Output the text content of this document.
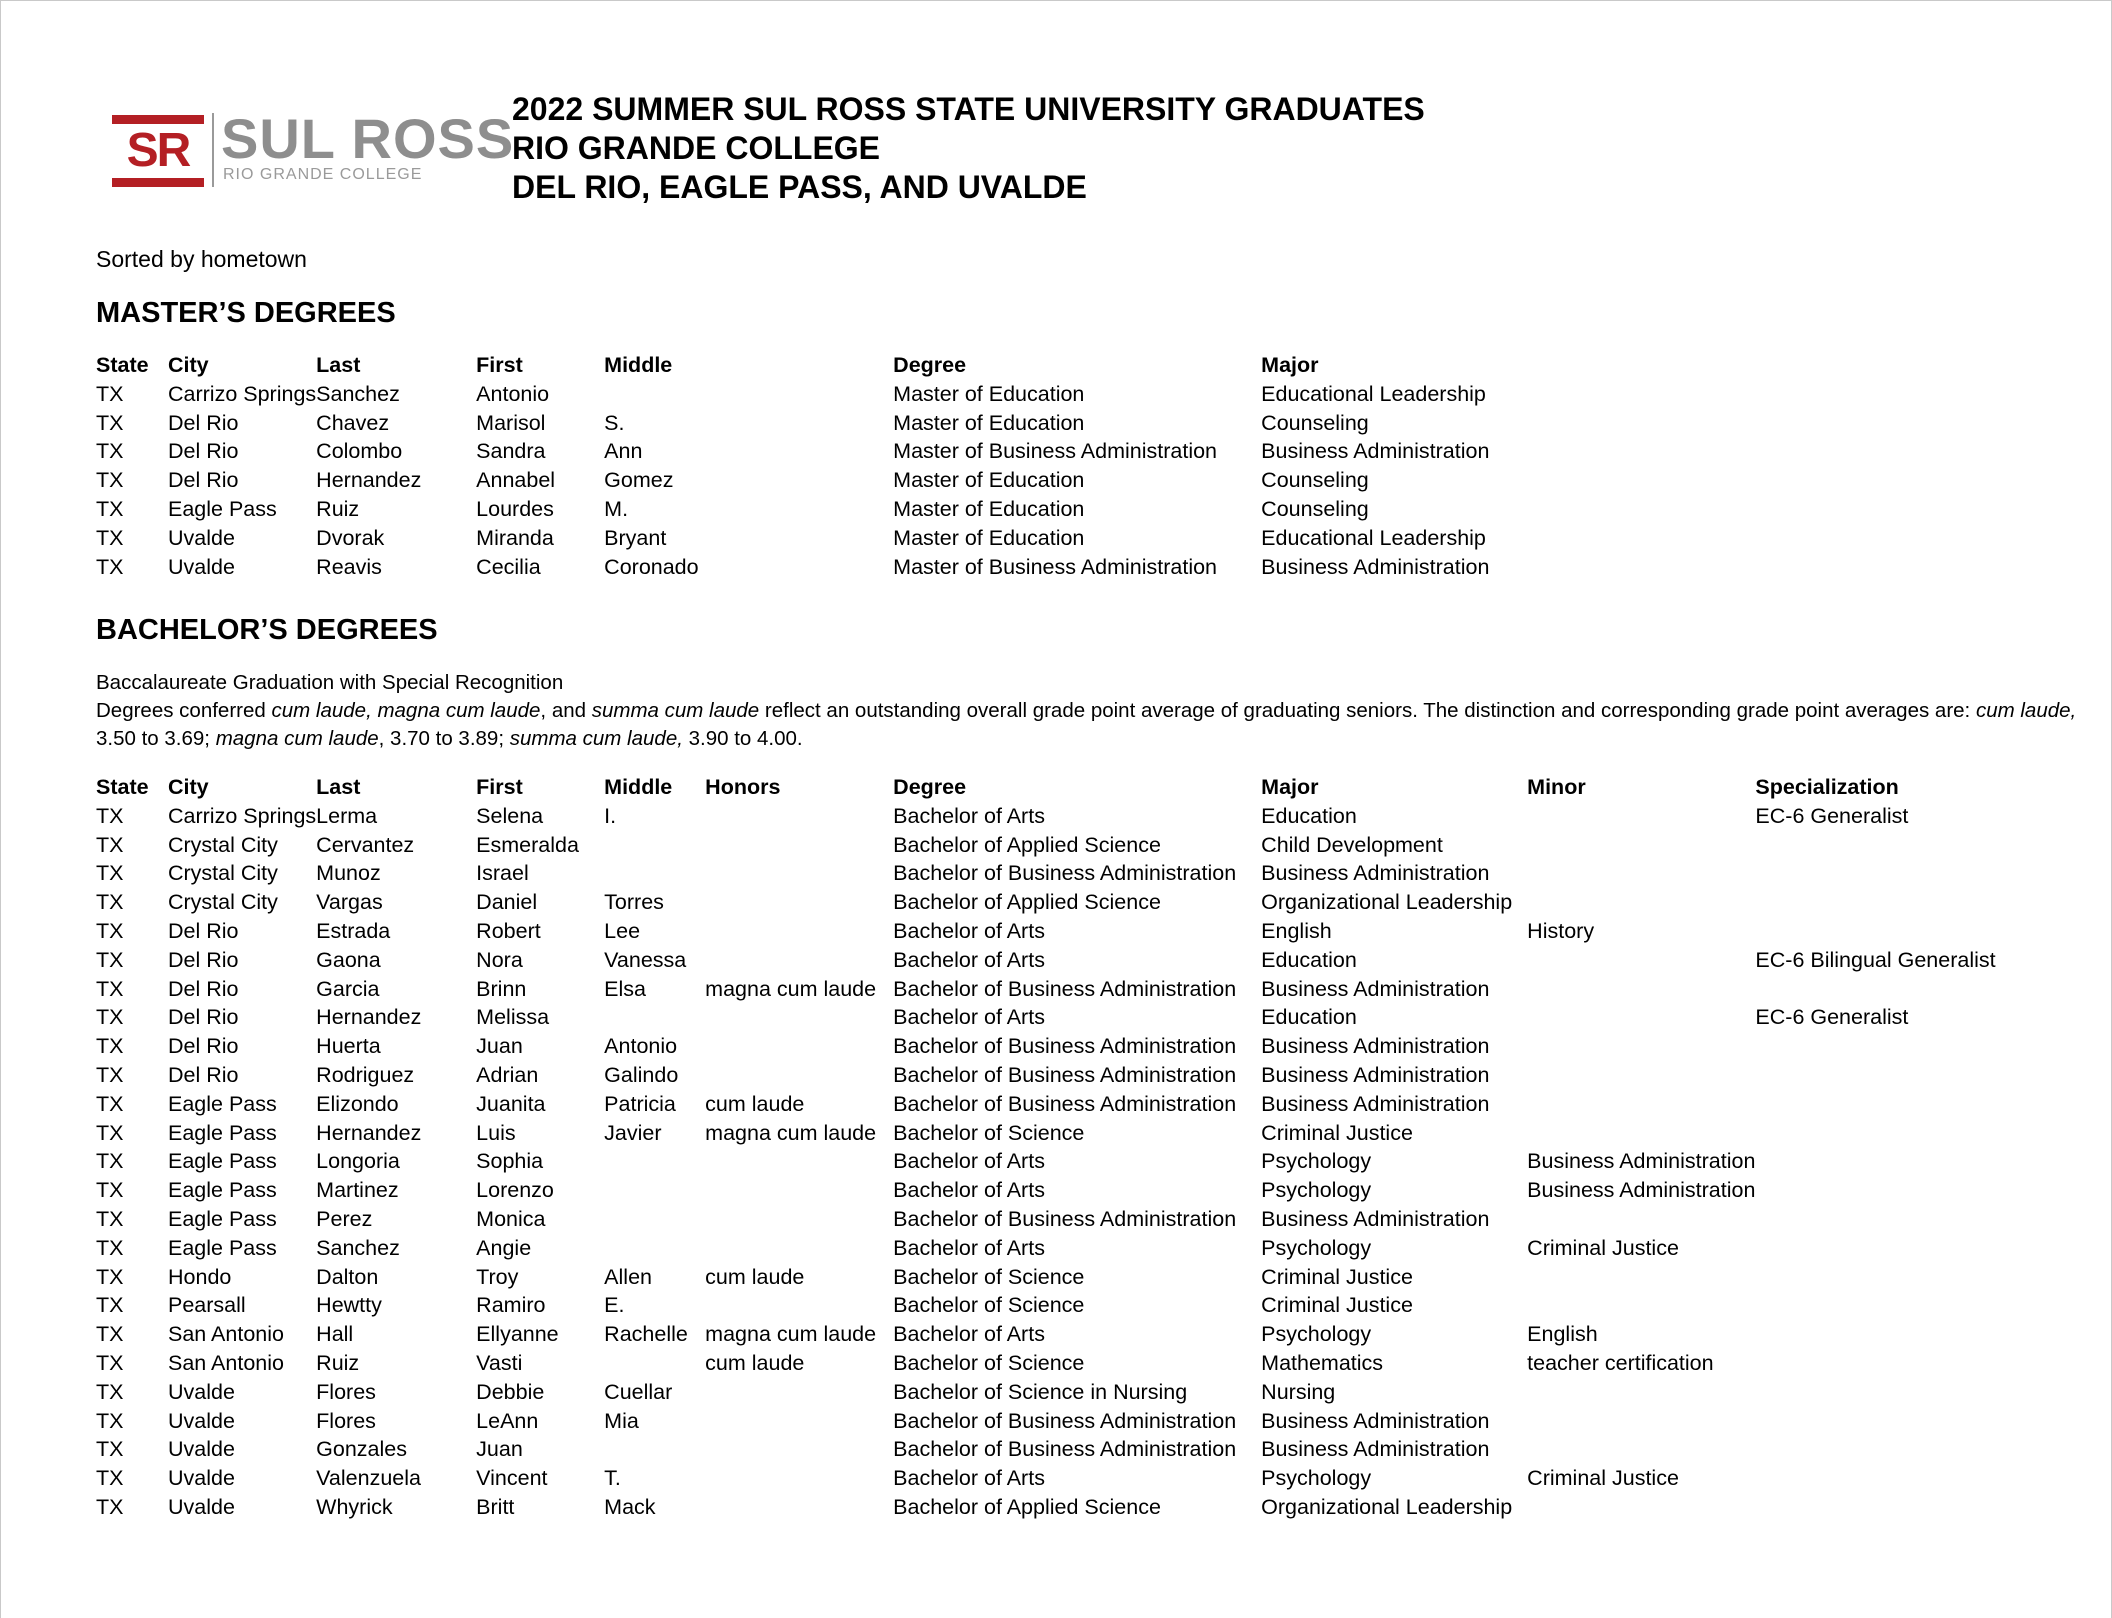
SR SUL ROSS
RIO GRANDE COLLEGE
2022 SUMMER SUL ROSS STATE UNIVERSITY GRADUATES
RIO GRANDE COLLEGE
DEL RIO, EAGLE PASS, AND UVALDE
Sorted by hometown
MASTER’S DEGREES
State	City	Last	First	Middle	Degree	Major
TX	Carrizo Springs	Sanchez	Antonio		Master of Education	Educational Leadership
TX	Del Rio	Chavez	Marisol	S.	Master of Education	Counseling
TX	Del Rio	Colombo	Sandra	Ann	Master of Business Administration	Business Administration
TX	Del Rio	Hernandez	Annabel	Gomez	Master of Education	Counseling
TX	Eagle Pass	Ruiz	Lourdes	M.	Master of Education	Counseling
TX	Uvalde	Dvorak	Miranda	Bryant	Master of Education	Educational Leadership
TX	Uvalde	Reavis	Cecilia	Coronado	Master of Business Administration	Business Administration
BACHELOR’S DEGREES
Baccalaureate Graduation with Special Recognition
Degrees conferred cum laude, magna cum laude, and summa cum laude reflect an outstanding overall grade point average of graduating seniors. The distinction and corresponding grade point averages are: cum laude,
3.50 to 3.69; magna cum laude, 3.70 to 3.89; summa cum laude, 3.90 to 4.00.
State	City	Last	First	Middle	Honors	Degree	Major	Minor	Specialization
TX	Carrizo Springs	Lerma	Selena	I.		Bachelor of Arts	Education		EC-6 Generalist
TX	Crystal City	Cervantez	Esmeralda			Bachelor of Applied Science	Child Development		
TX	Crystal City	Munoz	Israel			Bachelor of Business Administration	Business Administration		
TX	Crystal City	Vargas	Daniel	Torres		Bachelor of Applied Science	Organizational Leadership		
TX	Del Rio	Estrada	Robert	Lee		Bachelor of Arts	English	History	
TX	Del Rio	Gaona	Nora	Vanessa		Bachelor of Arts	Education		EC-6 Bilingual Generalist
TX	Del Rio	Garcia	Brinn	Elsa	magna cum laude	Bachelor of Business Administration	Business Administration		
TX	Del Rio	Hernandez	Melissa			Bachelor of Arts	Education		EC-6 Generalist
TX	Del Rio	Huerta	Juan	Antonio		Bachelor of Business Administration	Business Administration		
TX	Del Rio	Rodriguez	Adrian	Galindo		Bachelor of Business Administration	Business Administration		
TX	Eagle Pass	Elizondo	Juanita	Patricia	cum laude	Bachelor of Business Administration	Business Administration		
TX	Eagle Pass	Hernandez	Luis	Javier	magna cum laude	Bachelor of Science	Criminal Justice		
TX	Eagle Pass	Longoria	Sophia			Bachelor of Arts	Psychology	Business Administration	
TX	Eagle Pass	Martinez	Lorenzo			Bachelor of Arts	Psychology	Business Administration	
TX	Eagle Pass	Perez	Monica			Bachelor of Business Administration	Business Administration		
TX	Eagle Pass	Sanchez	Angie			Bachelor of Arts	Psychology	Criminal Justice	
TX	Hondo	Dalton	Troy	Allen	cum laude	Bachelor of Science	Criminal Justice		
TX	Pearsall	Hewtty	Ramiro	E.		Bachelor of Science	Criminal Justice		
TX	San Antonio	Hall	Ellyanne	Rachelle	magna cum laude	Bachelor of Arts	Psychology	English	
TX	San Antonio	Ruiz	Vasti		cum laude	Bachelor of Science	Mathematics	teacher certification	
TX	Uvalde	Flores	Debbie	Cuellar		Bachelor of Science in Nursing	Nursing		
TX	Uvalde	Flores	LeAnn	Mia		Bachelor of Business Administration	Business Administration		
TX	Uvalde	Gonzales	Juan			Bachelor of Business Administration	Business Administration		
TX	Uvalde	Valenzuela	Vincent	T.		Bachelor of Arts	Psychology	Criminal Justice	
TX	Uvalde	Whyrick	Britt	Mack		Bachelor of Applied Science	Organizational Leadership		
